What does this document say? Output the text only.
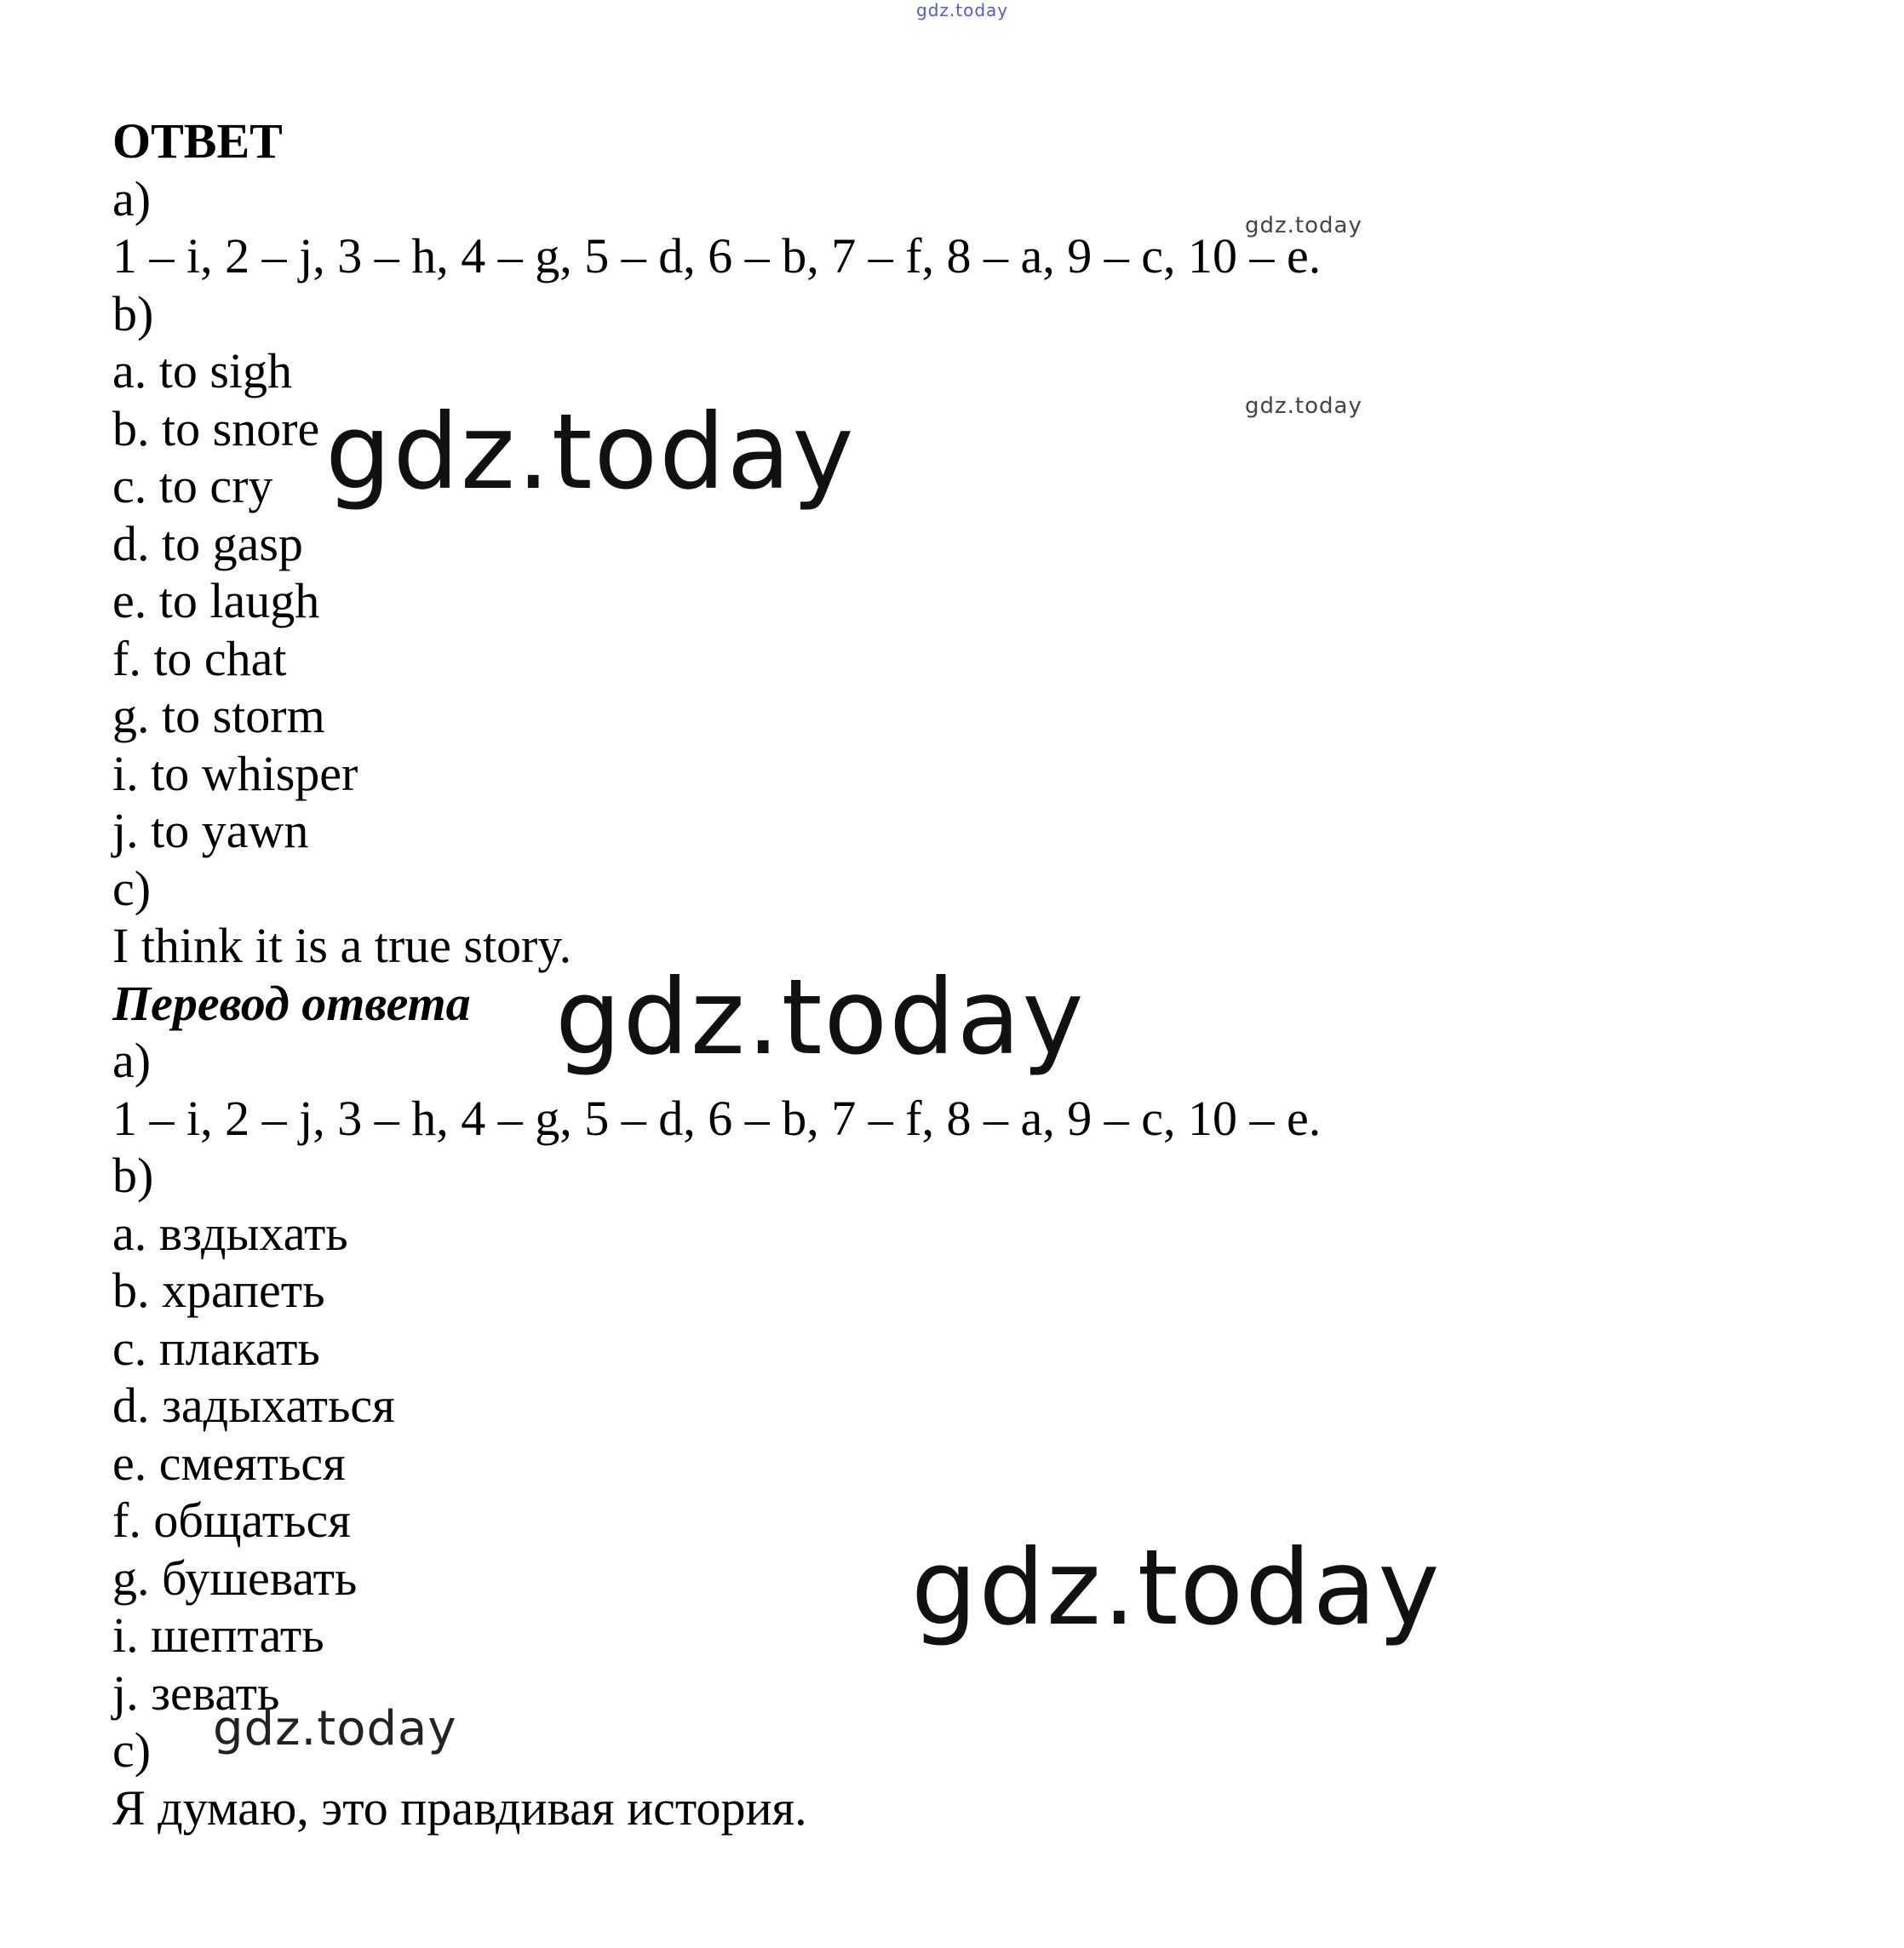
ОТВЕТ
a)
1 – i, 2 – j, 3 – h, 4 – g, 5 – d, 6 – b, 7 – f, 8 – a, 9 – c, 10 – e.
b)
a. to sigh
b. to snore
c. to cry
d. to gasp
e. to laugh
f. to chat
g. to storm
i. to whisper
j. to yawn
c)
I think it is a true story.
Перевод ответа
a)
1 – i, 2 – j, 3 – h, 4 – g, 5 – d, 6 – b, 7 – f, 8 – a, 9 – c, 10 – e.
b)
a. вздыхать
b. храпеть
c. плакать
d. задыхаться
e. смеяться
f. общаться
g. бушевать
i. шептать
j. зевать
c)
Я думаю, это правдивая история.
gdz.today
gdz.today
gdz.today
gdz.today
gdz.today
gdz.today
gdz.today
